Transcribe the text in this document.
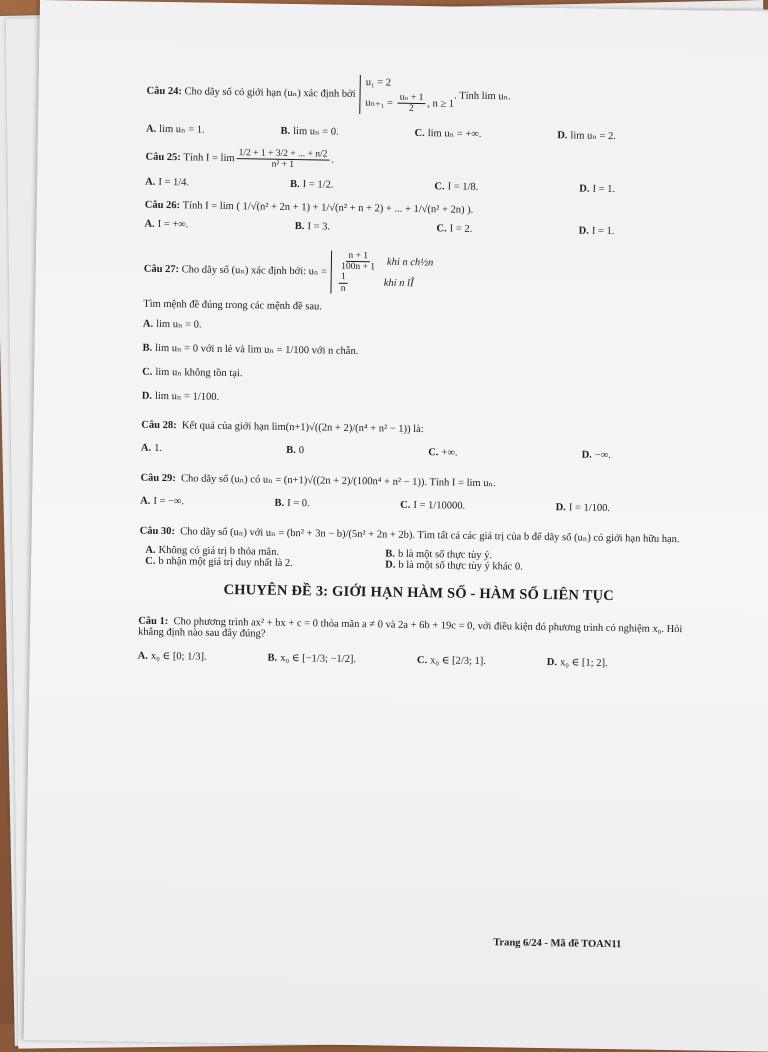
Câu 24:
Cho dãy số có giới hạn (uₙ) xác định bởi
u₁ = 2
$u_{n+1} = \frac{\text{uₙ + 1}}{2}$ , n ≥ 1
. Tính lim uₙ.
A. lim uₙ = 1.	B. lim uₙ = 0.	C. lim uₙ = +∞.	D. lim uₙ = 2.
Câu 25:
Tính $I = \lim \frac{1/2 + 1 + 3/2 + ... + n/2}{\text{n² + 1}}$ .
A. I = 1/4.	B. I = 1/2.	C. I = 1/8.	D. I = 1.
Câu 26:
Tính I = lim
( 1/√(n² + 2n + 1) + 1/√(n² + n + 2) + ... + 1/√(n² + 2n) ).
A. I = +∞.	B. I = 3.	C. I = 2.	D. I = 1.
Câu 27:
Cho dãy số (uₙ) xác định bởi: $u_n = \frac{n + 1}{100n + 1}$ khi n ch½n

$\frac{1}{n}$	khi n lÎ
Tìm mệnh đề đúng trong các mệnh đề sau.
A. lim uₙ = 0.
B. lim uₙ = 0 với n lẻ và lim uₙ = 1/100 với n chẵn.
C. lim uₙ không tồn tại.
D. lim uₙ = 1/100.
Câu 28: Kết quả của giới hạn lim(n+1)√((2n + 2)/(n⁴ + n² − 1)) là:
A. 1.	B. 0	C. +∞.	D. −∞.
Câu 29: Cho dãy số (uₙ) có uₙ = (n+1)√((2n + 2)/(100n⁴ + n² − 1)). Tính I = lim uₙ.
A. I = −∞.	B. I = 0.	C. I = 1/10000.	D. I = 1/100.
Câu 30: Cho dãy số (uₙ) với uₙ = (bn² + 3n − b)/(5n² + 2n + 2b). Tìm tất cả các giá trị của b để dãy số (uₙ) có giới hạn hữu hạn.
A. Không có giá trị b thỏa mãn.
C. b nhận một giá trị duy nhất là 2.
B. b là một số thực tùy ý.
D. b là một số thực tùy ý khác 0.
CHUYÊN ĐỀ 3: GIỚI HẠN HÀM SỐ - HÀM SỐ LIÊN TỤC
Câu 1: Cho phương trình ax² + bx + c = 0 thỏa mãn a ≠ 0 và 2a + 6b + 19c = 0, với điều kiện đó phương trình có nghiệm x₀. Hỏi khẳng định nào sau đây đúng?
A. x₀ ∈ [0; 1/3].	B. x₀ ∈ [−1/3; −1/2].	C. x₀ ∈ [2/3; 1].	D. x₀ ∈ [1; 2].
Trang 6/24 - Mã đề TOAN11
